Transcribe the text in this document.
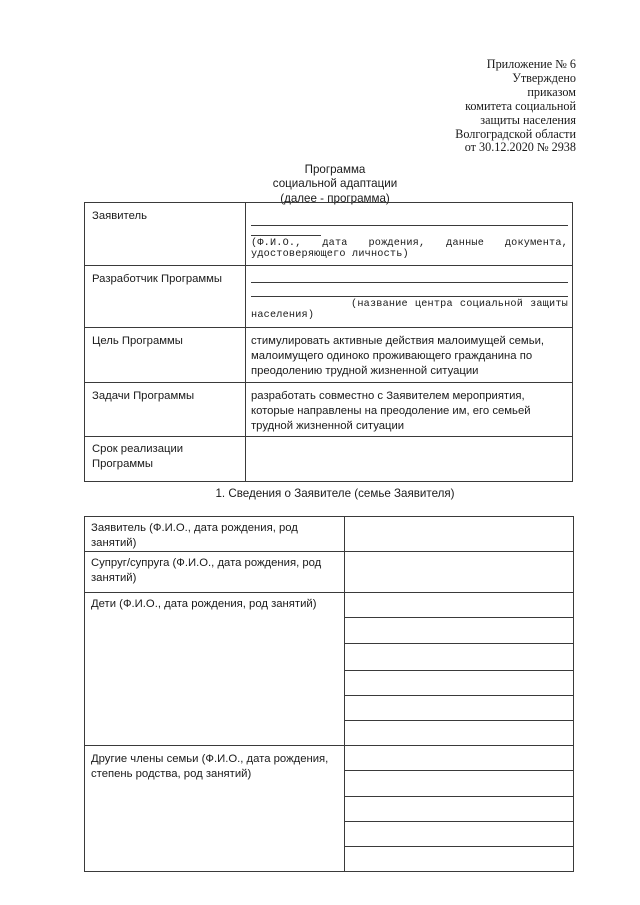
Приложение № 6
Утверждено
приказом
комитета социальной
защиты населения
Волгоградской области
от 30.12.2020 № 2938
Программа
социальной адаптации
(далее - программа)
Заявитель	(Ф.И.О., дата рождения, данные документа,
удостоверяющего личность)

Разработчик Программы	(название центра социальной защиты
населения)

Цель Программы	стимулировать активные действия малоимущей семьи, малоимущего одиноко проживающего гражданина по преодолению трудной жизненной ситуации
Задачи Программы	разработать совместно с Заявителем мероприятия, которые направлены на преодоление им, его семьей трудной жизненной ситуации
Срок реализации Программы	
1. Сведения о Заявителе (семье Заявителя)
Заявитель (Ф.И.О., дата рождения, род занятий)	
Супруг/супруга (Ф.И.О., дата рождения, род занятий)	
Дети (Ф.И.О., дата рождения, род занятий)	

Другие члены семьи (Ф.И.О., дата рождения, степень родства, род занятий)	
